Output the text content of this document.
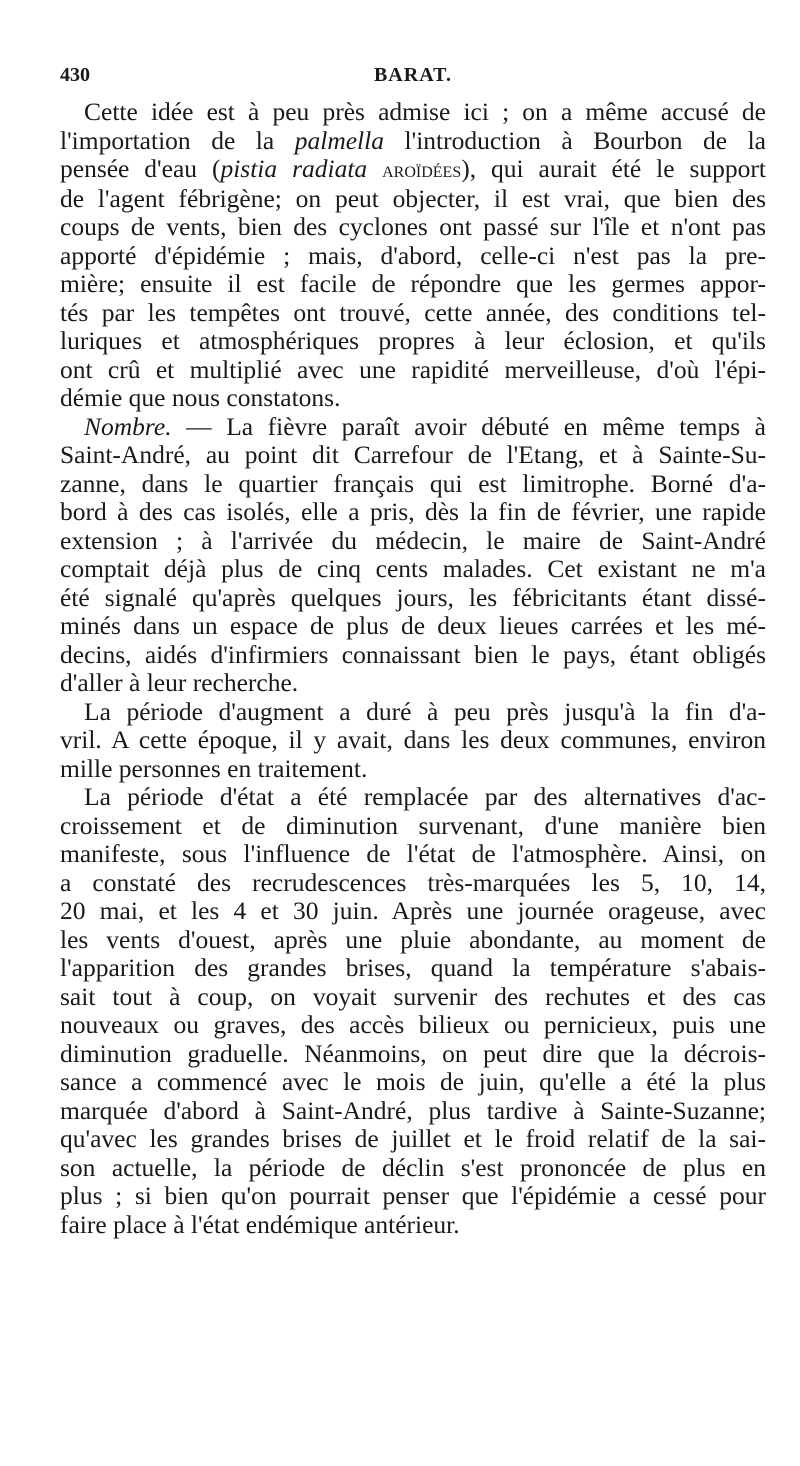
430	BARAT.
Cette idée est à peu près admise ici ; on a même accusé de
l'importation de la palmella l'introduction à Bourbon de la
pensée d'eau (pistia radiata aroïdées), qui aurait été le support
de l'agent fébrigène; on peut objecter, il est vrai, que bien des
coups de vents, bien des cyclones ont passé sur l'île et n'ont pas
apporté d'épidémie ; mais, d'abord, celle-ci n'est pas la pre-
mière; ensuite il est facile de répondre que les germes appor-
tés par les tempêtes ont trouvé, cette année, des conditions tel-
luriques et atmosphériques propres à leur éclosion, et qu'ils
ont crû et multiplié avec une rapidité merveilleuse, d'où l'épi-
démie que nous constatons.
Nombre. — La fièvre paraît avoir débuté en même temps à
Saint-André, au point dit Carrefour de l'Etang, et à Sainte-Su-
zanne, dans le quartier français qui est limitrophe. Borné d'a-
bord à des cas isolés, elle a pris, dès la fin de février, une rapide
extension ; à l'arrivée du médecin, le maire de Saint-André
comptait déjà plus de cinq cents malades. Cet existant ne m'a
été signalé qu'après quelques jours, les fébricitants étant dissé-
minés dans un espace de plus de deux lieues carrées et les mé-
decins, aidés d'infirmiers connaissant bien le pays, étant obligés
d'aller à leur recherche.
La période d'augment a duré à peu près jusqu'à la fin d'a-
vril. A cette époque, il y avait, dans les deux communes, environ
mille personnes en traitement.
La période d'état a été remplacée par des alternatives d'ac-
croissement et de diminution survenant, d'une manière bien
manifeste, sous l'influence de l'état de l'atmosphère. Ainsi, on
a constaté des recrudescences très-marquées les 5, 10, 14,
20 mai, et les 4 et 30 juin. Après une journée orageuse, avec
les vents d'ouest, après une pluie abondante, au moment de
l'apparition des grandes brises, quand la température s'abais-
sait tout à coup, on voyait survenir des rechutes et des cas
nouveaux ou graves, des accès bilieux ou pernicieux, puis une
diminution graduelle. Néanmoins, on peut dire que la décrois-
sance a commencé avec le mois de juin, qu'elle a été la plus
marquée d'abord à Saint-André, plus tardive à Sainte-Suzanne;
qu'avec les grandes brises de juillet et le froid relatif de la sai-
son actuelle, la période de déclin s'est prononcée de plus en
plus ; si bien qu'on pourrait penser que l'épidémie a cessé pour
faire place à l'état endémique antérieur.
